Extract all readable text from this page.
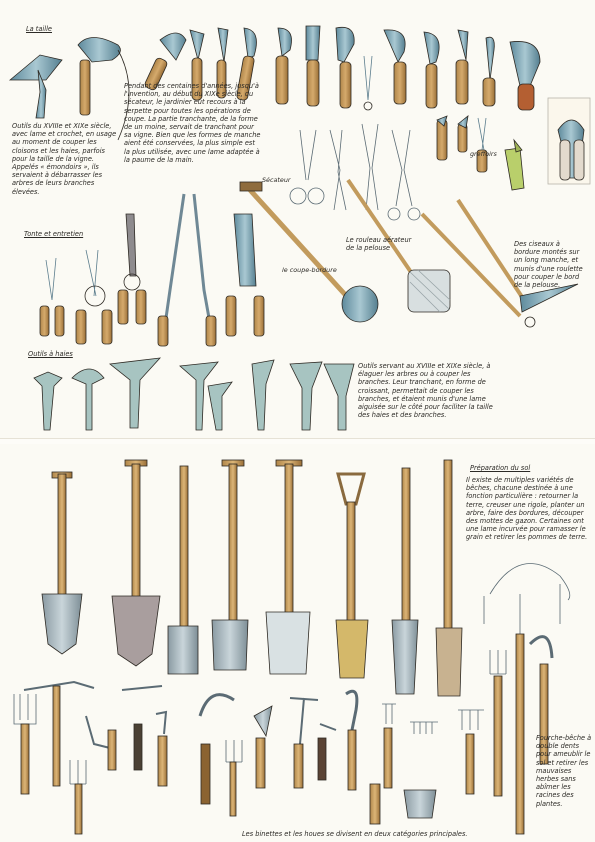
La taille

Outils du XVIIIe et XIXe siècle, avec lame et crochet, en usage au moment de couper les cloisons et les haies, parfois pour la taille de la vigne. Appelés « émondoirs », ils servaient à débarrasser les arbres de leurs branches élevées.

Tonte et entretien

Pendant des centaines d'années, jusqu'à l'invention, au début du XIXe siècle, du sécateur, le jardinier eut recours à la serpette pour toutes les opérations de coupe. La partie tranchante, de la forme de un moine, servait de tranchant pour sa vigne. Bien que les formes de manche aient été conservées, la plus simple est la plus utilisée, avec une lame adaptée à la paume de la main.

greffoirs

Sécateur

le coupe-bordure

Le rouleau aérateur de la pelouse

Des ciseaux à bordure montés sur un long manche, et munis d'une roulette pour couper le bord de la pelouse.

Outils à haies

Outils servant au XVIIIe et XIXe siècle, à élaguer les arbres ou à couper les branches. Leur tranchant, en forme de croissant, permettait de couper les branches, et étaient munis d'une lame aiguisée sur le côté pour faciliter la taille des haies et des branches.

Préparation du sol

Il existe de multiples variétés de bêches, chacune destinée à une fonction particulière : retourner la terre, creuser une rigole, planter un arbre, faire des bordures, découper des mottes de gazon. Certaines ont une lame incurvée pour ramasser le grain et retirer les pommes de terre.

Fourche-bêche à double dents pour ameublir le sol et retirer les mauvaises herbes sans abîmer les racines des plantes.

Les binettes et les houes se divisent en deux catégories principales.
